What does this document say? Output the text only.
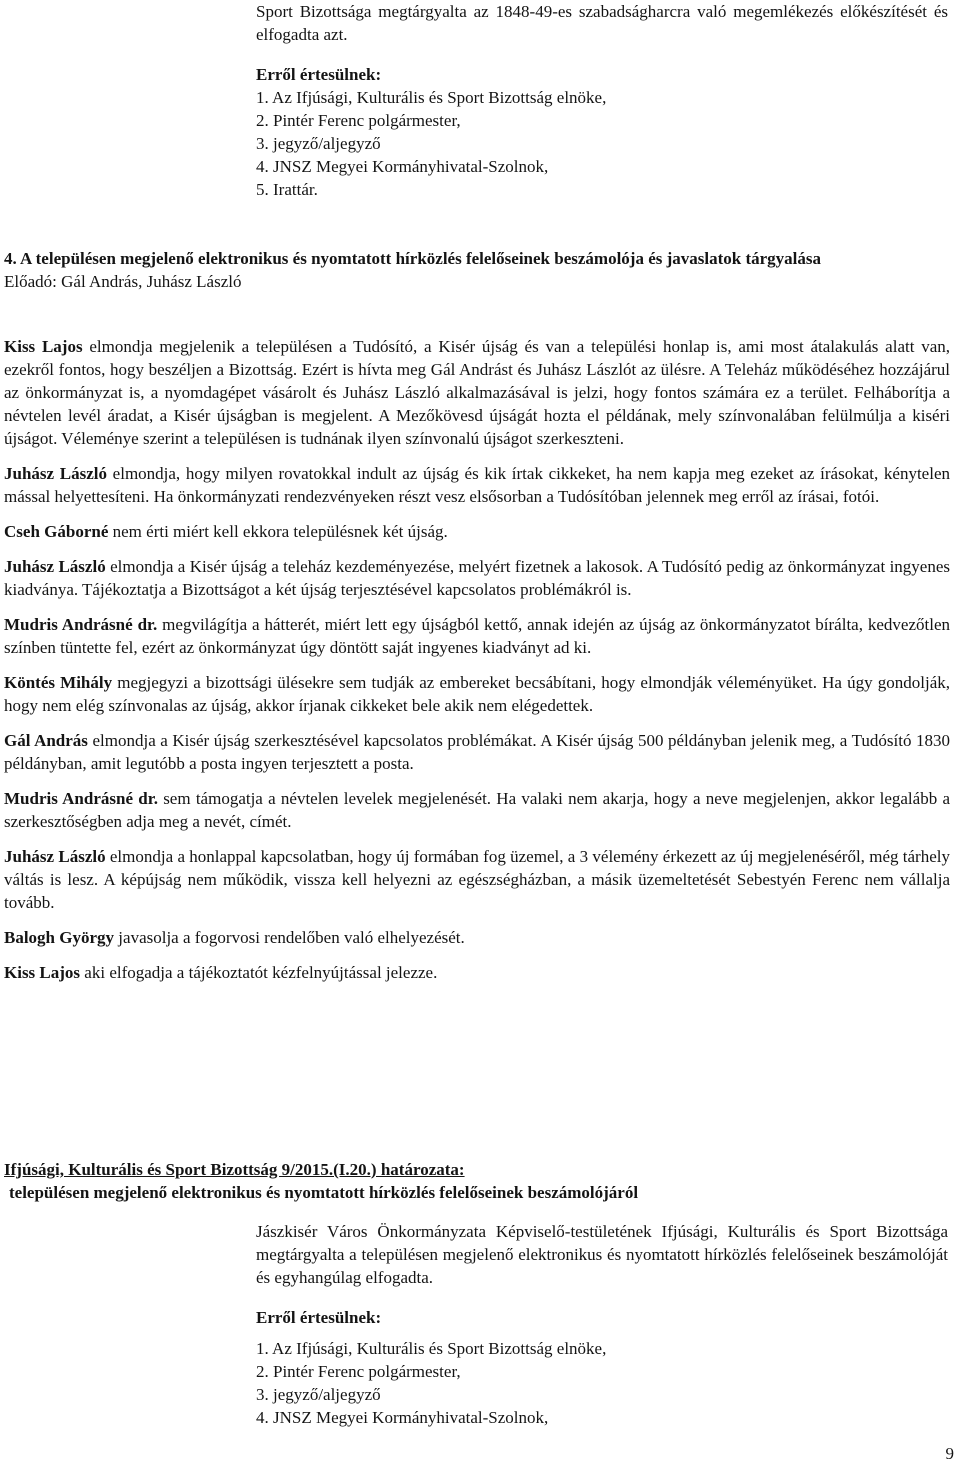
Sport Bizottsága megtárgyalta az 1848-49-es szabadságharcra való megemlékezés előkészítését és elfogadta azt.

Erről értesülnek:

1. Az Ifjúsági, Kulturális és Sport Bizottság elnöke,
2. Pintér Ferenc polgármester,
3. jegyző/aljegyző
4. JNSZ Megyei Kormányhivatal-Szolnok,
5. Irattár.

4. A településen megjelenő elektronikus és nyomtatott hírközlés felelőseinek beszámolója és javaslatok tárgyalása

Előadó: Gál András, Juhász László

Kiss Lajos elmondja megjelenik a településen a Tudósító, a Kisér újság és van a települési honlap is, ami most átalakulás alatt van, ezekről fontos, hogy beszéljen a Bizottság. Ezért is hívta meg Gál Andrást és Juhász Lászlót az ülésre. A Teleház működéséhez hozzájárul az önkormányzat is, a nyomdagépet vásárolt és Juhász László alkalmazásával is jelzi, hogy fontos számára ez a terület. Felháborítja a névtelen levél áradat, a Kisér újságban is megjelent. A Mezőkövesd újságát hozta el példának, mely színvonalában felülmúlja a kiséri újságot. Véleménye szerint a településen is tudnának ilyen színvonalú újságot szerkeszteni.

Juhász László elmondja, hogy milyen rovatokkal indult az újság és kik írtak cikkeket, ha nem kapja meg ezeket az írásokat, kénytelen mással helyettesíteni. Ha önkormányzati rendezvényeken részt vesz elsősorban a Tudósítóban jelennek meg erről az írásai, fotói.

Cseh Gáborné nem érti miért kell ekkora településnek két újság.

Juhász László elmondja a Kisér újság a teleház kezdeményezése, melyért fizetnek a lakosok. A Tudósító pedig az önkormányzat ingyenes kiadványa. Tájékoztatja a Bizottságot a két újság terjesztésével kapcsolatos problémákról is.

Mudris Andrásné dr. megvilágítja a hátterét, miért lett egy újságból kettő, annak idején az újság az önkormányzatot bírálta, kedvezőtlen színben tüntette fel, ezért az önkormányzat úgy döntött saját ingyenes kiadványt ad ki.

Köntés Mihály megjegyzi a bizottsági ülésekre sem tudják az embereket becsábítani, hogy elmondják véleményüket. Ha úgy gondolják, hogy nem elég színvonalas az újság, akkor írjanak cikkeket bele akik nem elégedettek.

Gál András elmondja a Kisér újság szerkesztésével kapcsolatos problémákat. A Kisér újság 500 példányban jelenik meg, a Tudósító 1830 példányban, amit legutóbb a posta ingyen terjesztett a posta.

Mudris Andrásné dr. sem támogatja a névtelen levelek megjelenését. Ha valaki nem akarja, hogy a neve megjelenjen, akkor legalább a szerkesztőségben adja meg a nevét, címét.

Juhász László elmondja a honlappal kapcsolatban, hogy új formában fog üzemel, a 3 vélemény érkezett az új megjelenéséről, még tárhely váltás is lesz. A képújság nem működik, vissza kell helyezni az egészségházban, a másik üzemeltetését Sebestyén Ferenc nem vállalja tovább.

Balogh György javasolja a fogorvosi rendelőben való elhelyezését.

Kiss Lajos aki elfogadja a tájékoztatót kézfelnyújtással jelezze.

Ifjúsági, Kulturális és Sport Bizottság 9/2015.(I.20.) határozata:

településen megjelenő elektronikus és nyomtatott hírközlés felelőseinek beszámolójáról

Jászkisér Város Önkormányzata Képviselő-testületének Ifjúsági, Kulturális és Sport Bizottsága megtárgyalta a településen megjelenő elektronikus és nyomtatott hírközlés felelőseinek beszámolóját és egyhangúlag elfogadta.

Erről értesülnek:

1. Az Ifjúsági, Kulturális és Sport Bizottság elnöke,
2. Pintér Ferenc polgármester,
3. jegyző/aljegyző
4. JNSZ Megyei Kormányhivatal-Szolnok,
9
